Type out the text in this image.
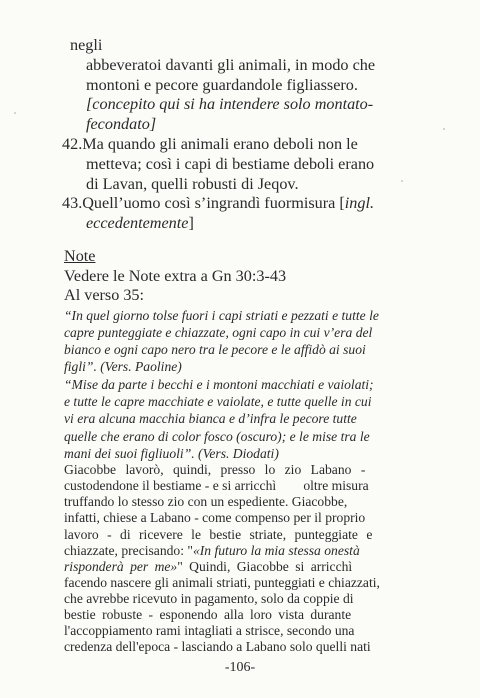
negli
abbeveratoi davanti gli animali, in modo che
montoni e pecore guardandole figliassero.
[concepito qui si ha intendere solo montato-
fecondato]
42.Ma quando gli animali erano deboli non le
metteva; così i capi di bestiame deboli erano
di Lavan, quelli robusti di Jeqov.
43.Quell’uomo così s’ingrandì fuormisura [ingl.
eccedentemente]
Note
Vedere le Note extra a Gn 30:3-43
Al verso 35:
“In quel giorno tolse fuori i capi striati e pezzati e tutte le
capre punteggiate e chiazzate, ogni capo in cui v’era del
bianco e ogni capo nero tra le pecore e le affidò ai suoi
figli”. (Vers. Paoline)
“Mise da parte i becchi e i montoni macchiati e vaiolati;
e tutte le capre macchiate e vaiolate, e tutte quelle in cui
vi era alcuna macchia bianca e d’infra le pecore tutte
quelle che erano di color fosco (oscuro); e le mise tra le
mani dei suoi figliuoli”. (Vers. Diodati)
Giacobbe lavorò, quindi, presso lo zio Labano -
custodendone il bestiame - e si arricchì        oltre misura
truffando lo stesso zio con un espediente. Giacobbe,
infatti, chiese a Labano - come compenso per il proprio
lavoro - di ricevere le bestie striate, punteggiate e
chiazzate, precisando: "«In futuro la mia stessa onestà
risponderà per me»" Quindi, Giacobbe si arricchì
facendo nascere gli animali striati, punteggiati e chiazzati,
che avrebbe ricevuto in pagamento, solo da coppie di
bestie robuste - esponendo alla loro vista durante
l'accoppiamento rami intagliati a strisce, secondo una
credenza dell'epoca - lasciando a Labano solo quelli nati
-106-
